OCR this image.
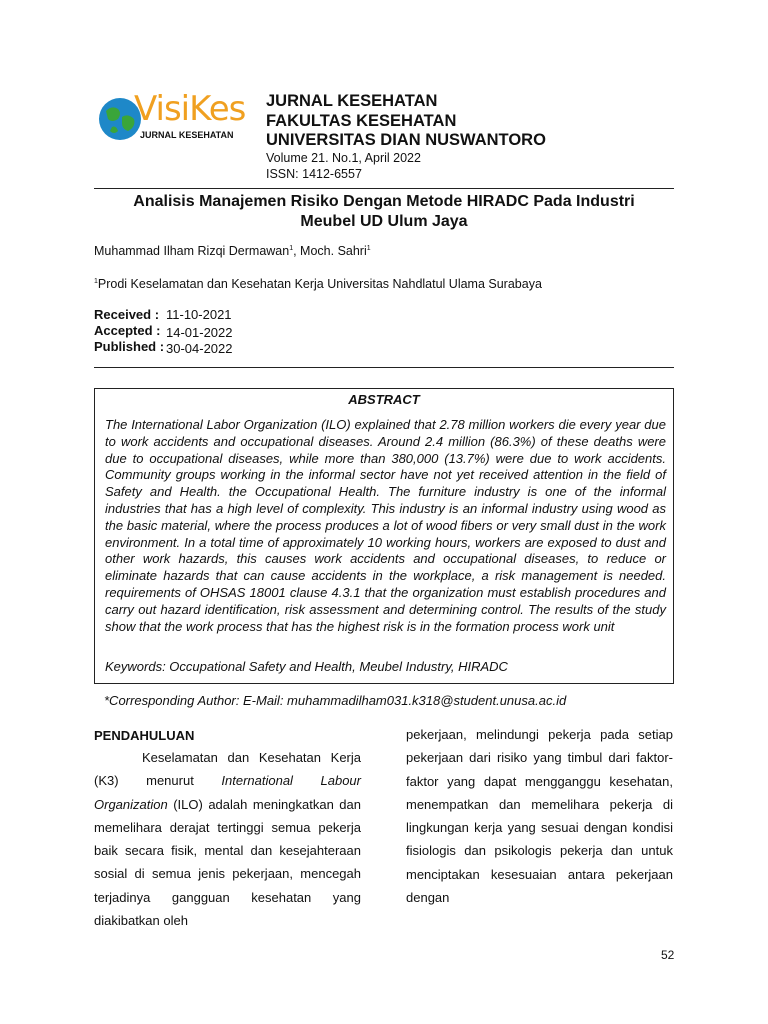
VisiKes
JURNAL KESEHATAN
JURNAL KESEHATAN
FAKULTAS KESEHATAN
UNIVERSITAS DIAN NUSWANTORO
Volume 21. No.1, April 2022
ISSN: 1412-6557
Analisis Manajemen Risiko Dengan Metode HIRADC Pada Industri
Meubel UD Ulum Jaya
Muhammad Ilham Rizqi Dermawan$^1$, Moch. Sahri$^1$
$^1$Prodi Keselamatan dan Kesehatan Kerja Universitas Nahdlatul Ulama Surabaya
Received : 11-10-2021
Accepted : 14-01-2022
Published : 30-04-2022
ABSTRACT
The International Labor Organization (ILO) explained that 2.78 million workers die every year due to work accidents and occupational diseases. Around 2.4 million (86.3%) of these deaths were due to occupational diseases, while more than 380,000 (13.7%) were due to work accidents. Community groups working in the informal sector have not yet received attention in the field of Safety and Health. the Occupational Health. The furniture industry is one of the informal industries that has a high level of complexity. This industry is an informal industry using wood as the basic material, where the process produces a lot of wood fibers or very small dust in the work environment. In a total time of approximately 10 working hours, workers are exposed to dust and other work hazards, this causes work accidents and occupational diseases, to reduce or eliminate hazards that can cause accidents in the workplace, a risk management is needed. requirements of OHSAS 18001 clause 4.3.1 that the organization must establish procedures and carry out hazard identification, risk assessment and determining control. The results of the study show that the work process that has the highest risk is in the formation process work unit
Keywords: Occupational Safety and Health, Meubel Industry, HIRADC
*Corresponding Author: E-Mail: muhammadilham031.k318@student.unusa.ac.id
PENDAHULUAN
Keselamatan dan Kesehatan Kerja (K3) menurut International Labour Organization (ILO) adalah meningkatkan dan memelihara derajat tertinggi semua pekerja baik secara fisik, mental dan kesejahteraan sosial di semua jenis pekerjaan, mencegah terjadinya gangguan kesehatan yang diakibatkan oleh
pekerjaan, melindungi pekerja pada setiap pekerjaan dari risiko yang timbul dari faktor-faktor yang dapat mengganggu kesehatan, menempatkan dan memelihara pekerja di lingkungan kerja yang sesuai dengan kondisi fisiologis dan psikologis pekerja dan untuk menciptakan kesesuaian antara pekerjaan dengan
52
